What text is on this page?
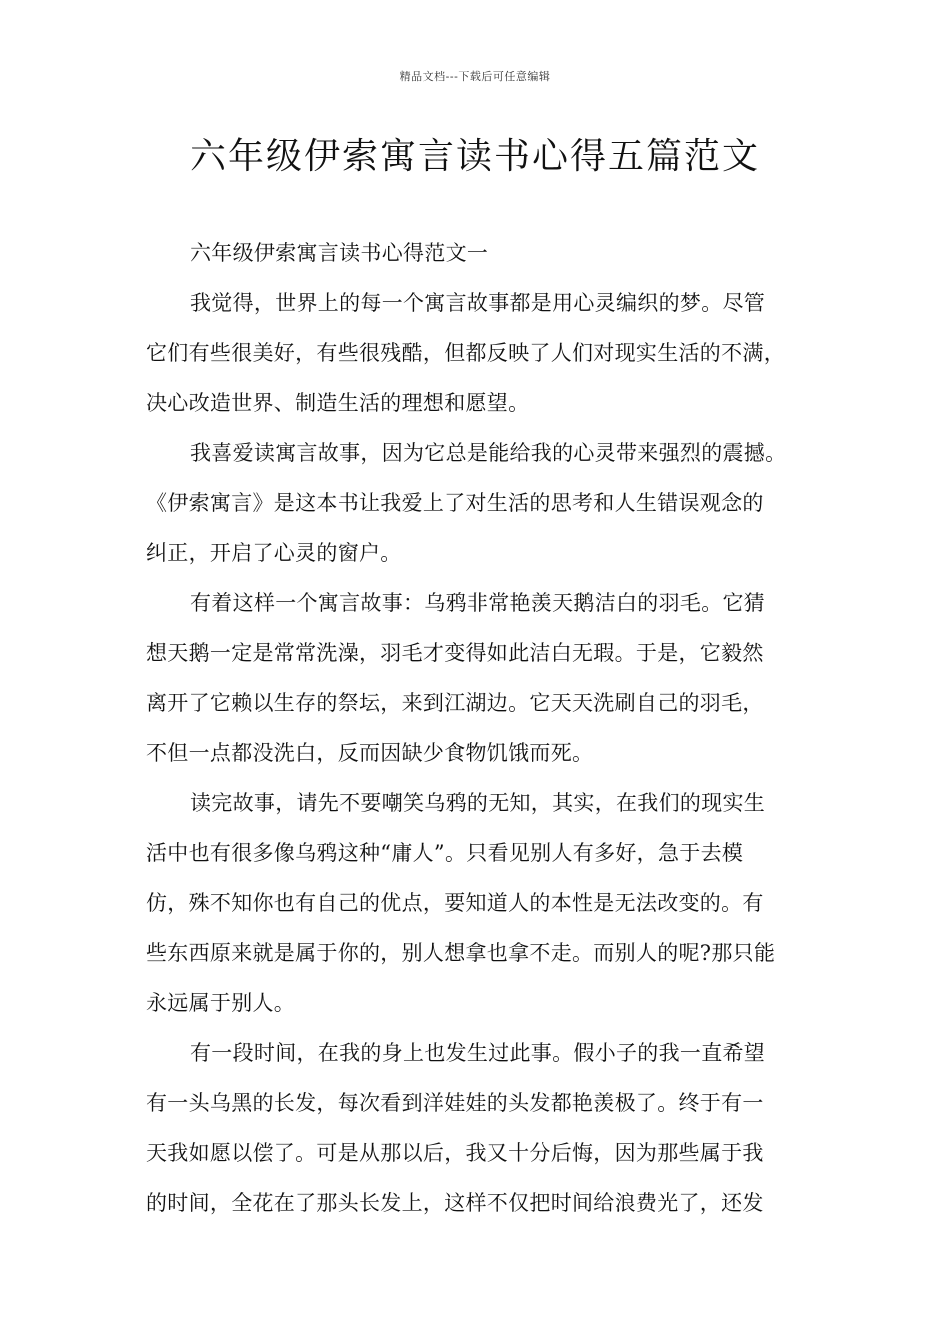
精品文档---下载后可任意编辑
六年级伊索寓言读书心得五篇范文
六年级伊索寓言读书心得范文一
我觉得，世界上的每一个寓言故事都是用心灵编织的梦。尽管
它们有些很美好，有些很残酷，但都反映了人们对现实生活的不满，
决心改造世界、制造生活的理想和愿望。
我喜爱读寓言故事，因为它总是能给我的心灵带来强烈的震撼。
《伊索寓言》是这本书让我爱上了对生活的思考和人生错误观念的
纠正，开启了心灵的窗户。
有着这样一个寓言故事：乌鸦非常艳羡天鹅洁白的羽毛。它猜
想天鹅一定是常常洗澡，羽毛才变得如此洁白无瑕。于是，它毅然
离开了它赖以生存的祭坛，来到江湖边。它天天洗刷自己的羽毛，
不但一点都没洗白，反而因缺少食物饥饿而死。
读完故事，请先不要嘲笑乌鸦的无知，其实，在我们的现实生
活中也有很多像乌鸦这种“庸人”。只看见别人有多好，急于去模
仿，殊不知你也有自己的优点，要知道人的本性是无法改变的。有
些东西原来就是属于你的，别人想拿也拿不走。而别人的呢?那只能
永远属于别人。
有一段时间，在我的身上也发生过此事。假小子的我一直希望
有一头乌黑的长发，每次看到洋娃娃的头发都艳羡极了。终于有一
天我如愿以偿了。可是从那以后，我又十分后悔，因为那些属于我
的时间，全花在了那头长发上，这样不仅把时间给浪费光了，还发
